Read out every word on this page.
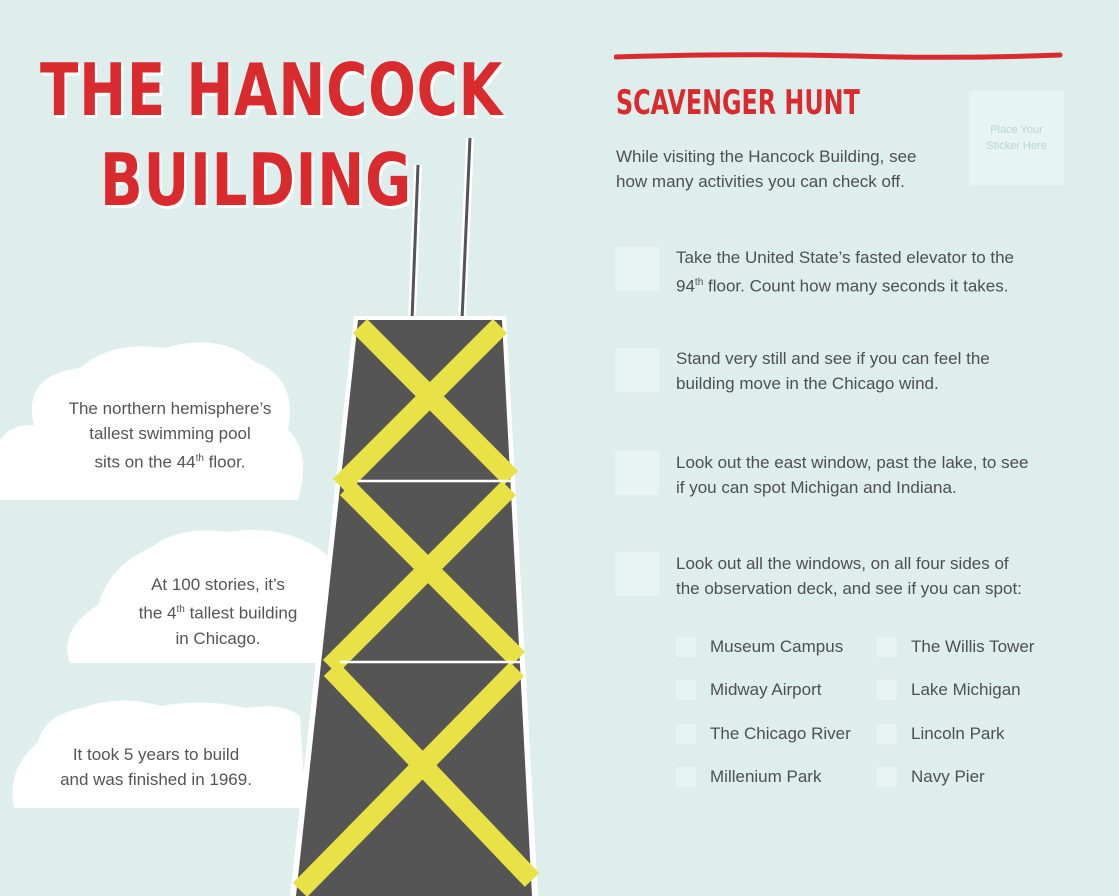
THE HANCOCK
BUILDING
The northern hemisphere’s
tallest swimming pool
sits on the 44th floor.
At 100 stories, it’s
the 4th tallest building
in Chicago.
It took 5 years to build
and was finished in 1969.
SCAVENGER HUNT
While visiting the Hancock Building, see how many activities you can check off.
Place Your Sticker Here
Take the United State’s fasted elevator to the
94th floor. Count how many seconds it takes.
Stand very still and see if you can feel the
building move in the Chicago wind.
Look out the east window, past the lake, to see
if you can spot Michigan and Indiana.
Look out all the windows, on all four sides of
the observation deck, and see if you can spot:
Museum Campus
Midway Airport
The Chicago River
Millenium Park
The Willis Tower
Lake Michigan
Lincoln Park
Navy Pier
